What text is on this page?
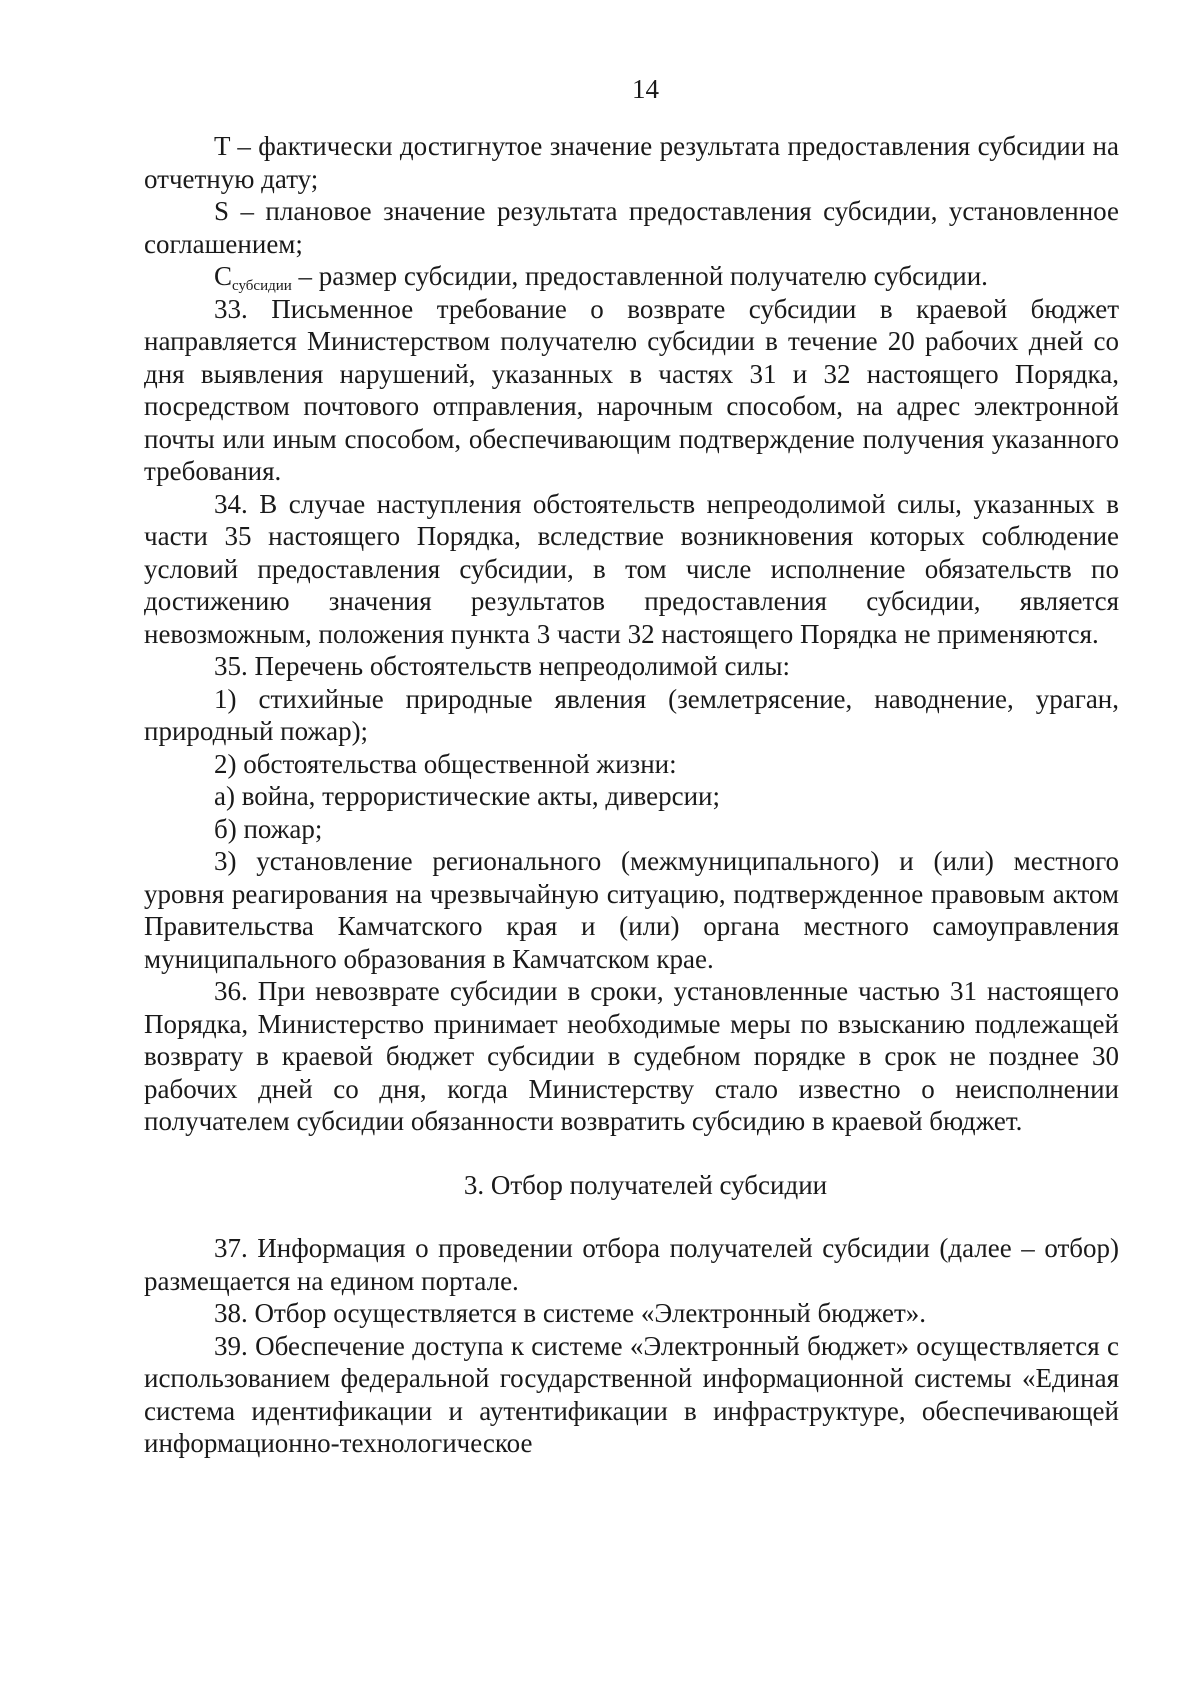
14

T – фактически достигнутое значение результата предоставления субсидии на отчетную дату;

S – плановое значение результата предоставления субсидии, установленное соглашением;

$С_{субсидии}$ – размер субсидии, предоставленной получателю субсидии.

33. Письменное требование о возврате субсидии в краевой бюджет направляется Министерством получателю субсидии в течение 20 рабочих дней со дня выявления нарушений, указанных в частях 31 и 32 настоящего Порядка, посредством почтового отправления, нарочным способом, на адрес электронной почты или иным способом, обеспечивающим подтверждение получения указанного требования.

34. В случае наступления обстоятельств непреодолимой силы, указанных в части 35 настоящего Порядка, вследствие возникновения которых соблюдение условий предоставления субсидии, в том числе исполнение обязательств по достижению значения результатов предоставления субсидии, является невозможным, положения пункта 3 части 32 настоящего Порядка не применяются.

35. Перечень обстоятельств непреодолимой силы:

1) стихийные природные явления (землетрясение, наводнение, ураган, природный пожар);

2) обстоятельства общественной жизни:

а) война, террористические акты, диверсии;

б) пожар;

3) установление регионального (межмуниципального) и (или) местного уровня реагирования на чрезвычайную ситуацию, подтвержденное правовым актом Правительства Камчатского края и (или) органа местного самоуправления муниципального образования в Камчатском крае.

36. При невозврате субсидии в сроки, установленные частью 31 настоящего Порядка, Министерство принимает необходимые меры по взысканию подлежащей возврату в краевой бюджет субсидии в судебном порядке в срок не позднее 30 рабочих дней со дня, когда Министерству стало известно о неисполнении получателем субсидии обязанности возвратить субсидию в краевой бюджет.

3. Отбор получателей субсидии

37. Информация о проведении отбора получателей субсидии (далее – отбор) размещается на едином портале.

38. Отбор осуществляется в системе «Электронный бюджет».

39. Обеспечение доступа к системе «Электронный бюджет» осуществляется с использованием федеральной государственной информационной системы «Единая система идентификации и аутентификации в инфраструктуре, обеспечивающей информационно-технологическое
